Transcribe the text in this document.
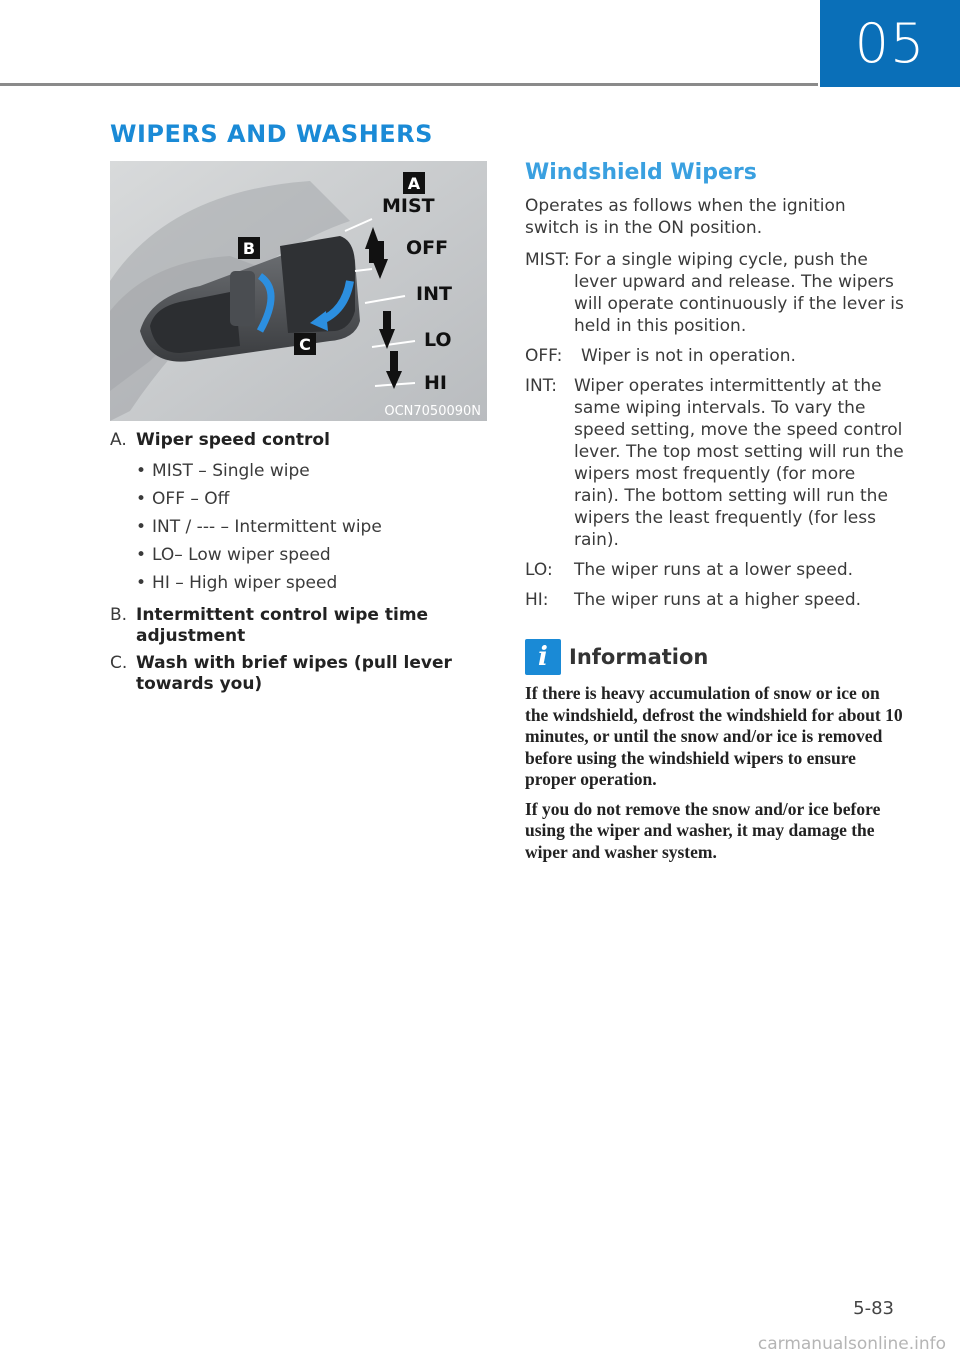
05
WIPERS AND WASHERS
A
B
C
MIST
OFF
INT
LO
HI
OCN7050090N
A. Wiper speed control
• MIST – Single wipe
• OFF – Off
• INT / --- – Intermittent wipe
• LO– Low wiper speed
• HI – High wiper speed
B. Intermittent control wipe time adjustment
C. Wash with brief wipes (pull lever towards you)
Windshield Wipers
Operates as follows when the ignition switch is in the ON position.
MIST: For a single wiping cycle, push the lever upward and release. The wipers will operate continuously if the lever is held in this position.
OFF:	Wiper is not in operation.
INT:	Wiper operates intermittently at the same wiping intervals. To vary the speed setting, move the speed control lever. The top most setting will run the wipers most frequently (for more rain). The bottom setting will run the wipers the least frequently (for less rain).
LO:	The wiper runs at a lower speed.
HI:	The wiper runs at a higher speed.
i	Information

If there is heavy accumulation of snow or ice on the windshield, defrost the windshield for about 10 minutes, or until the snow and/or ice is removed before using the windshield wipers to ensure proper operation.

If you do not remove the snow and/or ice before using the wiper and washer, it may damage the wiper and washer system.

5-83
carmanualsonline.info
